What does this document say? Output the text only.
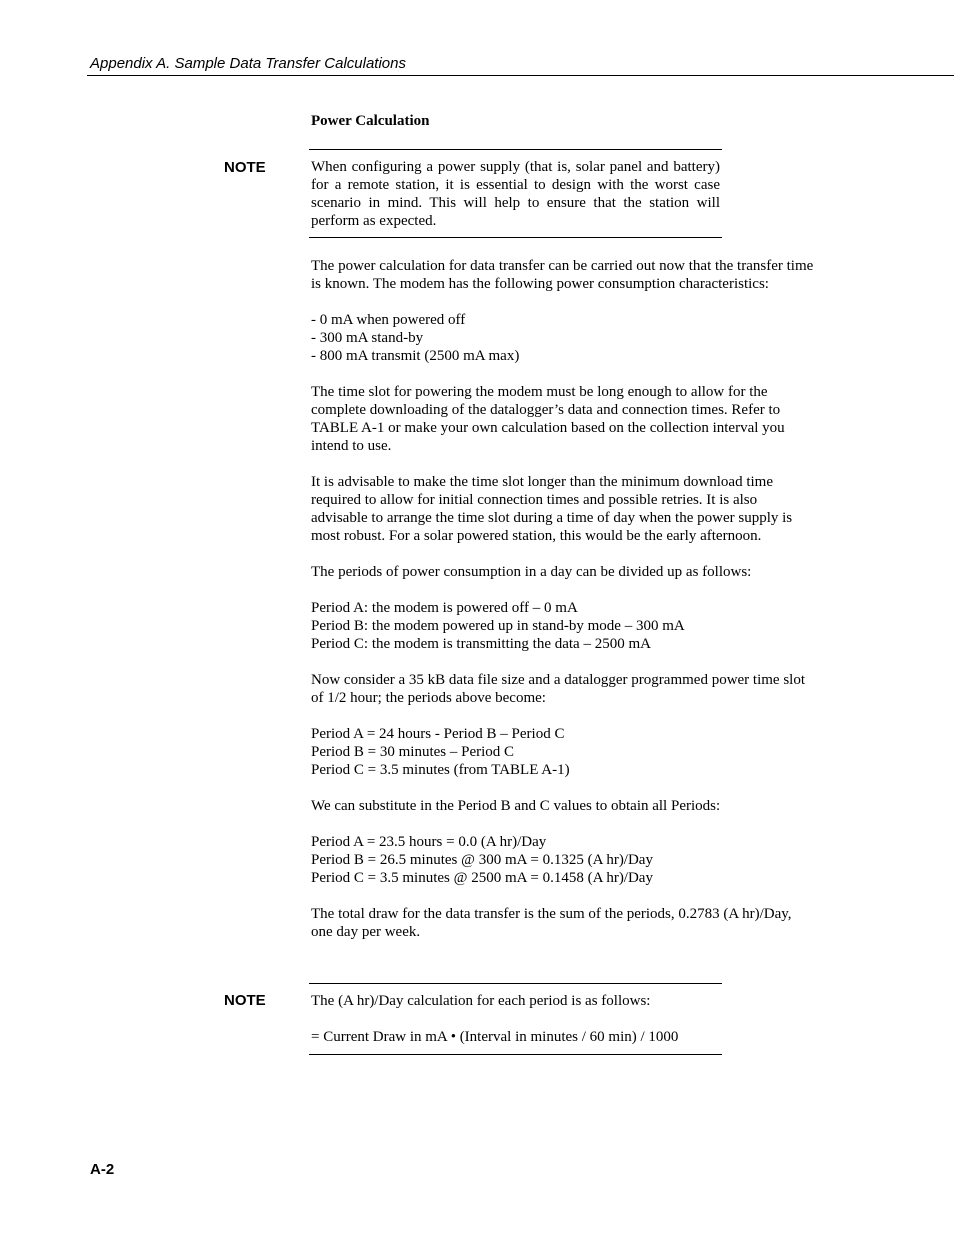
Appendix A. Sample Data Transfer Calculations
Power Calculation
NOTE	When configuring a power supply (that is, solar panel and battery) for a remote station, it is essential to design with the worst case scenario in mind. This will help to ensure that the station will perform as expected.

The power calculation for data transfer can be carried out now that the transfer time is known. The modem has the following power consumption characteristics:

- 0 mA when powered off
- 300 mA stand-by
- 800 mA transmit (2500 mA max)

The time slot for powering the modem must be long enough to allow for the complete downloading of the datalogger’s data and connection times. Refer to TABLE A-1 or make your own calculation based on the collection interval you intend to use.

It is advisable to make the time slot longer than the minimum download time required to allow for initial connection times and possible retries. It is also advisable to arrange the time slot during a time of day when the power supply is most robust. For a solar powered station, this would be the early afternoon.

The periods of power consumption in a day can be divided up as follows:

Period A: the modem is powered off – 0 mA
Period B: the modem powered up in stand-by mode – 300 mA
Period C: the modem is transmitting the data – 2500 mA

Now consider a 35 kB data file size and a datalogger programmed power time slot of 1/2 hour; the periods above become:

Period A = 24 hours - Period B – Period C
Period B = 30 minutes – Period C
Period C = 3.5 minutes (from TABLE A-1)

We can substitute in the Period B and C values to obtain all Periods:

Period A = 23.5 hours = 0.0 (A hr)/Day
Period B = 26.5 minutes @ 300 mA = 0.1325 (A hr)/Day
Period C = 3.5 minutes @ 2500 mA = 0.1458 (A hr)/Day

The total draw for the data transfer is the sum of the periods, 0.2783 (A hr)/Day, one day per week.

NOTE	The (A hr)/Day calculation for each period is as follows:
= Current Draw in mA • (Interval in minutes / 60 min) / 1000
A-2
